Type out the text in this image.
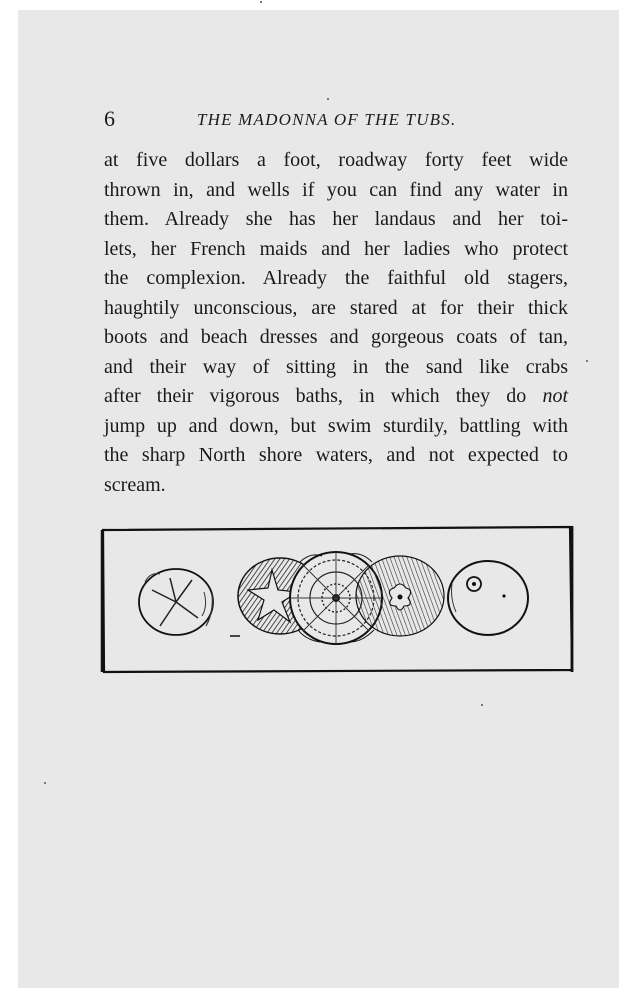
6	THE MADONNA OF THE TUBS.
at five dollars a foot, roadway forty feet wide
thrown in, and wells if you can find any water in
them. Already she has her landaus and her toi-
lets, her French maids and her ladies who protect
the complexion. Already the faithful old stagers,
haughtily unconscious, are stared at for their thick
boots and beach dresses and gorgeous coats of tan,
and their way of sitting in the sand like crabs
after their vigorous baths, in which they do not
jump up and down, but swim sturdily, battling with
the sharp North shore waters, and not expected to
scream.
